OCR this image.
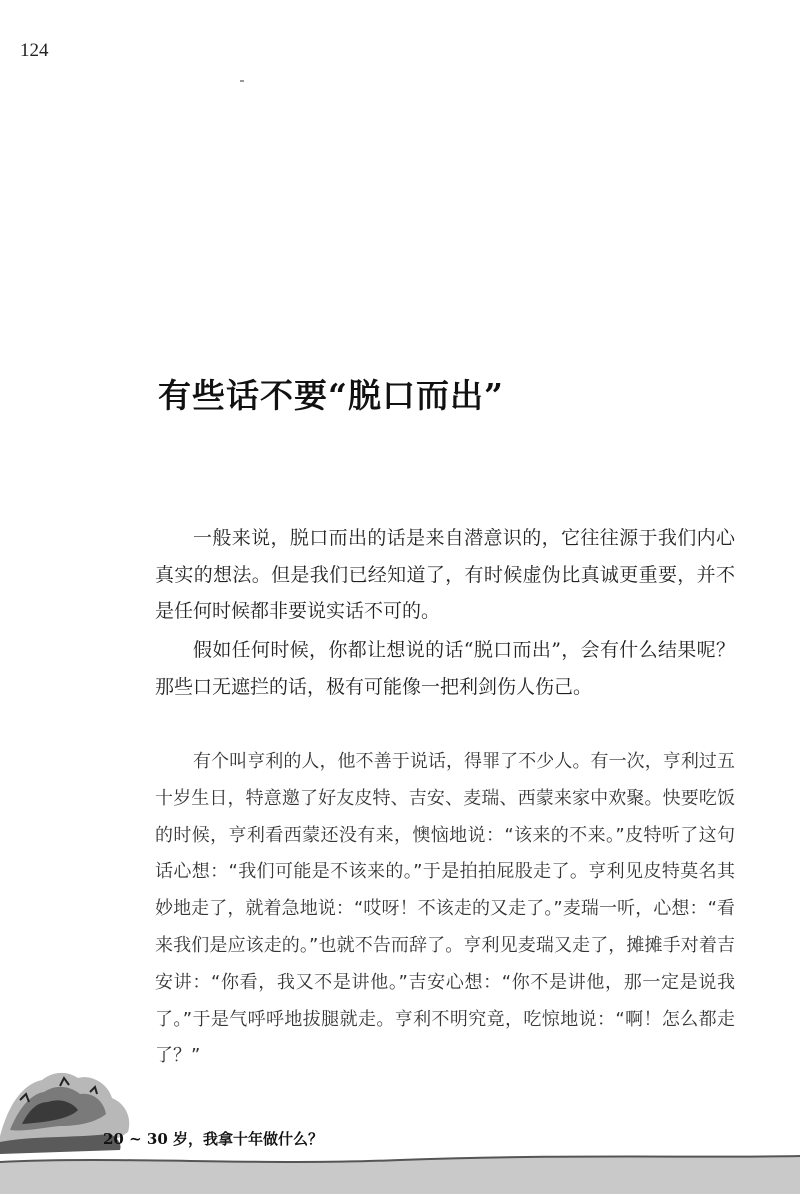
124
有些话不要“脱口而出”

一般来说，脱口而出的话是来自潜意识的，它往往源于我们内心真实的想法。但是我们已经知道了，有时候虚伪比真诚更重要，并不是任何时候都非要说实话不可的。

假如任何时候，你都让想说的话“脱口而出”，会有什么结果呢？那些口无遮拦的话，极有可能像一把利剑伤人伤己。

有个叫亨利的人，他不善于说话，得罪了不少人。有一次，亨利过五十岁生日，特意邀了好友皮特、吉安、麦瑞、西蒙来家中欢聚。快要吃饭的时候，亨利看西蒙还没有来，懊恼地说：“该来的不来。”皮特听了这句话心想：“我们可能是不该来的。”于是拍拍屁股走了。亨利见皮特莫名其妙地走了，就着急地说：“哎呀！不该走的又走了。”麦瑞一听，心想：“看来我们是应该走的。”也就不告而辞了。亨利见麦瑞又走了，摊摊手对着吉安讲：“你看，我又不是讲他。”吉安心想：“你不是讲他，那一定是说我了。”于是气呼呼地拔腿就走。亨利不明究竟，吃惊地说：“啊！怎么都走了？”

20 ~ 30 岁，我拿十年做什么？
